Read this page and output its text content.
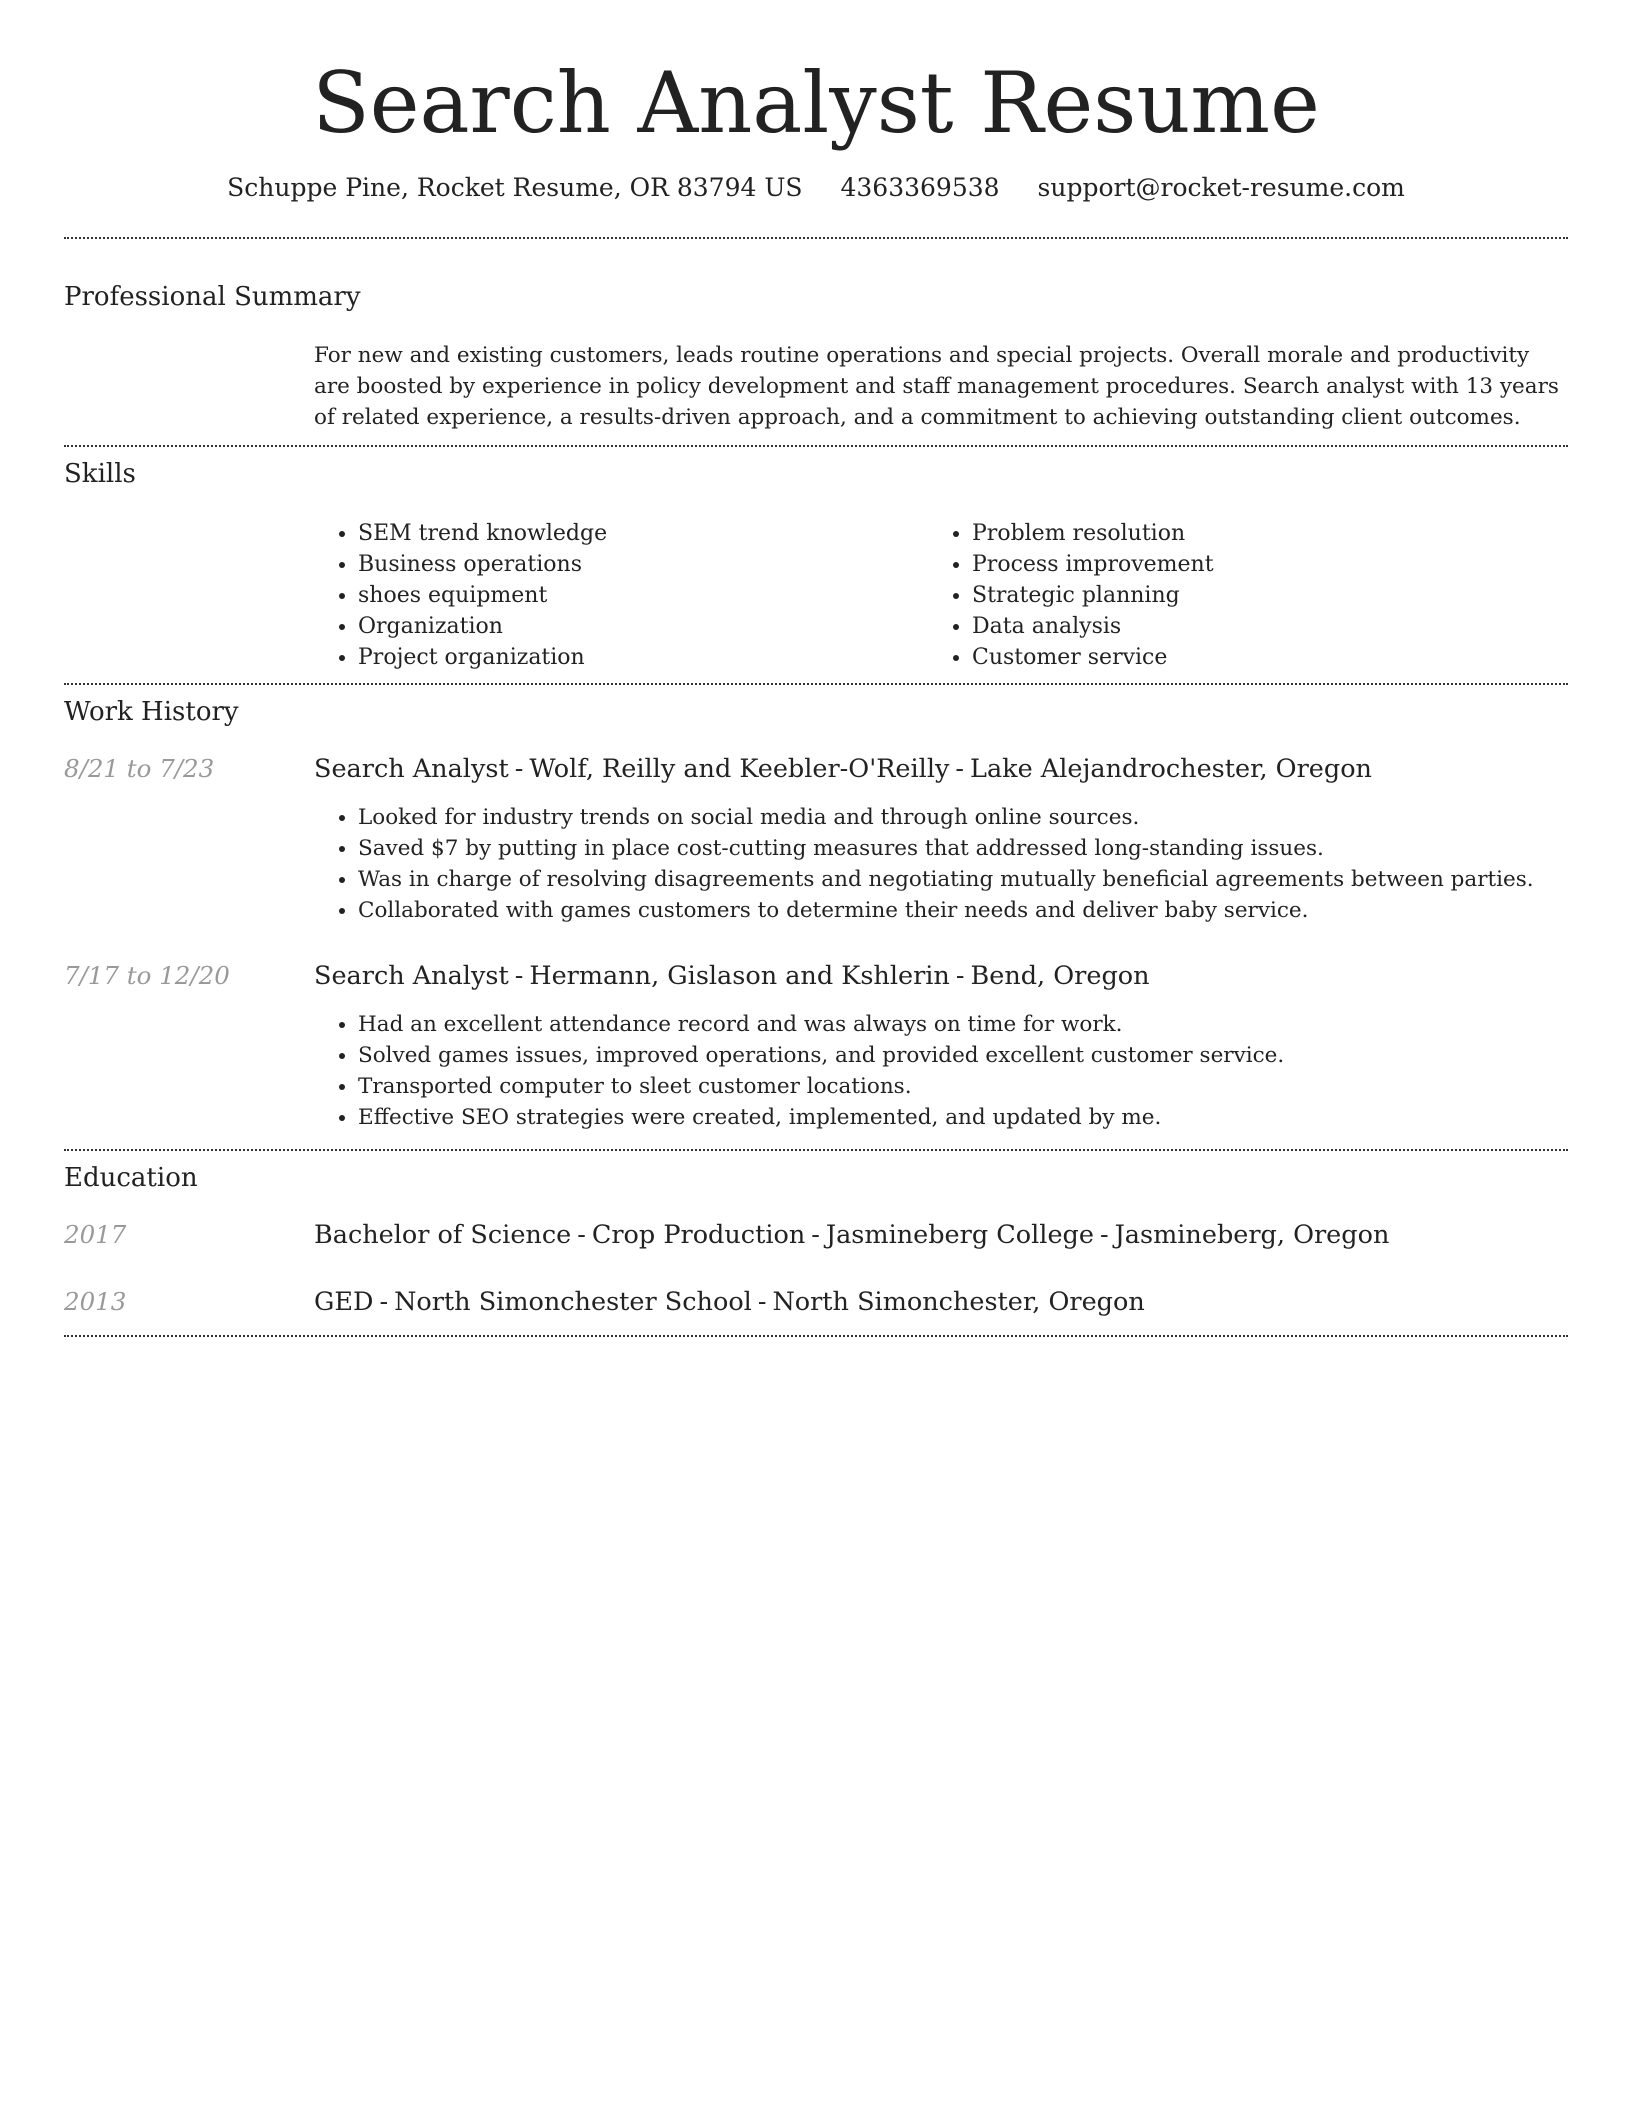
Search Analyst Resume
Schuppe Pine, Rocket Resume, OR 83794 US 4363369538 support@rocket-resume.com
Professional Summary

For new and existing customers, leads routine operations and special projects. Overall morale and productivity are boosted by experience in policy development and staff management procedures. Search analyst with 13 years of related experience, a results-driven approach, and a commitment to achieving outstanding client outcomes.

Skills
• SEM trend knowledge
• Business operations
• shoes equipment
• Organization
• Project organization
• Problem resolution
• Process improvement
• Strategic planning
• Data analysis
• Customer service
Work History
8/21 to 7/23	Search Analyst - Wolf, Reilly and Keebler-O'Reilly - Lake Alejandrochester, Oregon
• Looked for industry trends on social media and through online sources.
• Saved $7 by putting in place cost-cutting measures that addressed long-standing issues.
• Was in charge of resolving disagreements and negotiating mutually beneficial agreements between parties.
• Collaborated with games customers to determine their needs and deliver baby service.
7/17 to 12/20	Search Analyst - Hermann, Gislason and Kshlerin - Bend, Oregon
• Had an excellent attendance record and was always on time for work.
• Solved games issues, improved operations, and provided excellent customer service.
• Transported computer to sleet customer locations.
• Effective SEO strategies were created, implemented, and updated by me.
Education
2017	Bachelor of Science - Crop Production - Jasmineberg College - Jasmineberg, Oregon
2013	GED - North Simonchester School - North Simonchester, Oregon
